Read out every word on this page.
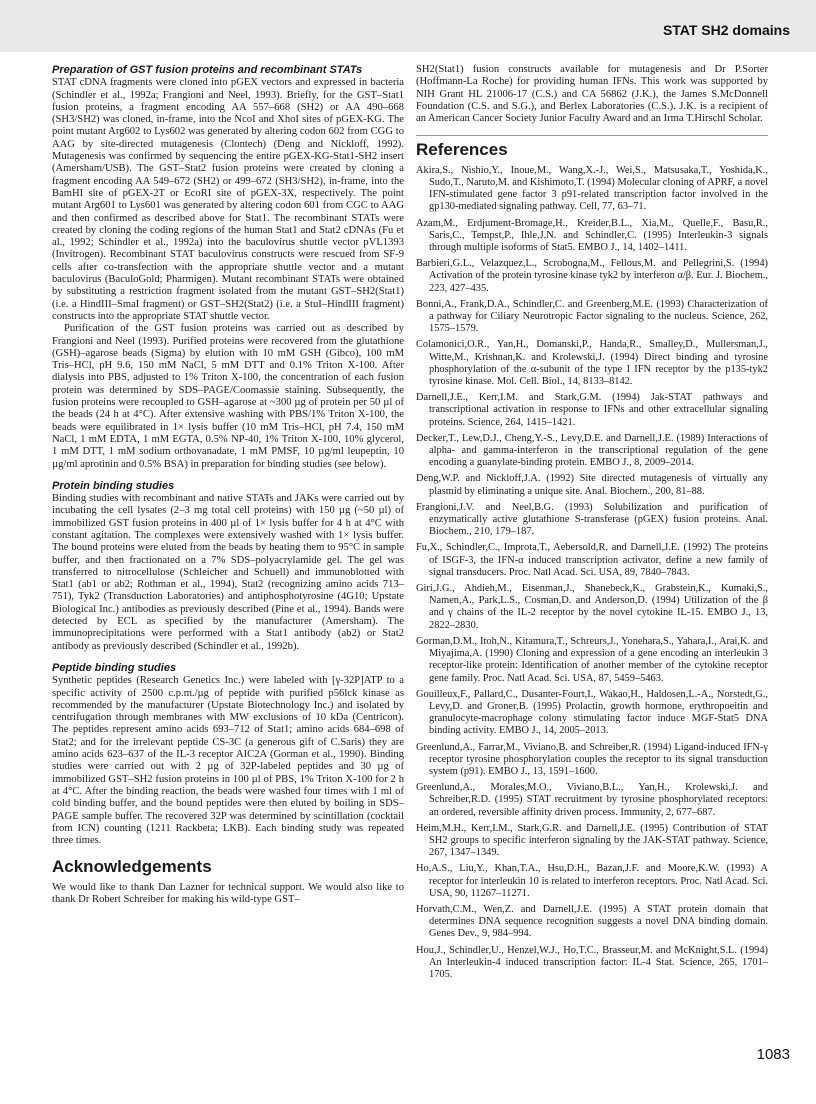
STAT SH2 domains
Preparation of GST fusion proteins and recombinant STATs

STAT cDNA fragments were cloned into pGEX vectors and expressed in bacteria (Schindler et al., 1992a; Frangioni and Neel, 1993). Briefly, for the GST–Stat1 fusion proteins, a fragment encoding AA 557–668 (SH2) or AA 490–668 (SH3/SH2) was cloned, in-frame, into the NcoI and XhoI sites of pGEX-KG. The point mutant Arg602 to Lys602 was generated by altering codon 602 from CGG to AAG by site-directed mutagenesis (Clontech) (Deng and Nickloff, 1992). Mutagenesis was confirmed by sequencing the entire pGEX-KG-Stat1-SH2 insert (Amersham/USB). The GST–Stat2 fusion proteins were created by cloning a fragment encoding AA 549–672 (SH2) or 499–672 (SH3/SH2), in-frame, into the BamHI site of pGEX-2T or EcoRI site of pGEX-3X, respectively. The point mutant Arg601 to Lys601 was generated by altering codon 601 from CGC to AAG and then confirmed as described above for Stat1. The recombinant STATs were created by cloning the coding regions of the human Stat1 and Stat2 cDNAs (Fu et al., 1992; Schindler et al., 1992a) into the baculovirus shuttle vector pVL1393 (Invitrogen). Recombinant STAT baculovirus constructs were rescued from SF-9 cells after co-transfection with the appropriate shuttle vector and a mutant baculovirus (BaculoGold; Pharmigen). Mutant recombinant STATs were obtained by substituting a restriction fragment isolated from the mutant GST–SH2(Stat1) (i.e. a HindIII–SmaI fragment) or GST–SH2(Stat2) (i.e. a StuI–HindIII fragment) constructs into the appropriate STAT shuttle vector.

Purification of the GST fusion proteins was carried out as described by Frangioni and Neel (1993). Purified proteins were recovered from the glutathione (GSH)–agarose beads (Sigma) by elution with 10 mM GSH (Gibco), 100 mM Tris–HCl, pH 9.6, 150 mM NaCl, 5 mM DTT and 0.1% Triton X-100. After dialysis into PBS, adjusted to 1% Triton X-100, the concentration of each fusion protein was determined by SDS–PAGE/Coomassie staining. Subsequently, the fusion proteins were recoupled to GSH–agarose at ~300 µg of protein per 50 µl of the beads (24 h at 4°C). After extensive washing with PBS/1% Triton X-100, the beads were equilibrated in 1× lysis buffer (10 mM Tris–HCl, pH 7.4, 150 mM NaCl, 1 mM EDTA, 1 mM EGTA, 0.5% NP-40, 1% Triton X-100, 10% glycerol, 1 mM DTT, 1 mM sodium orthovanadate, 1 mM PMSF, 10 µg/ml leupeptin, 10 µg/ml aprotinin and 0.5% BSA) in preparation for binding studies (see below).

Protein binding studies

Binding studies with recombinant and native STATs and JAKs were carried out by incubating the cell lysates (2–3 mg total cell proteins) with 150 µg (~50 µl) of immobilized GST fusion proteins in 400 µl of 1× lysis buffer for 4 h at 4°C with constant agitation. The complexes were extensively washed with 1× lysis buffer. The bound proteins were eluted from the beads by heating them to 95°C in sample buffer, and then fractionated on a 7% SDS–polyacrylamide gel. The gel was transferred to nitrocellulose (Schleicher and Schuell) and immunoblotted with Stat1 (ab1 or ab2; Rothman et al., 1994), Stat2 (recognizing amino acids 713–751), Tyk2 (Transduction Laboratories) and antiphosphotyrosine (4G10; Upstate Biological Inc.) antibodies as previously described (Pine et al., 1994). Bands were detected by ECL as specified by the manufacturer (Amersham). The immunoprecipitations were performed with a Stat1 antibody (ab2) or Stat2 antibody as previously described (Schindler et al., 1992b).

Peptide binding studies

Synthetic peptides (Research Genetics Inc.) were labeled with [γ-32P]ATP to a specific activity of 2500 c.p.m./µg of peptide with purified p56lck kinase as recommended by the manufacturer (Upstate Biotechnology Inc.) and isolated by centrifugation through membranes with MW exclusions of 10 kDa (Centricon). The peptides represent amino acids 693–712 of Stat1; amino acids 684–698 of Stat2; and for the irrelevant peptide CS-3C (a generous gift of C.Saris) they are amino acids 623–637 of the IL-3 receptor AIC2A (Gorman et al., 1990). Binding studies were carried out with 2 µg of 32P-labeled peptides and 30 µg of immobilized GST–SH2 fusion proteins in 100 µl of PBS, 1% Triton X-100 for 2 h at 4°C. After the binding reaction, the beads were washed four times with 1 ml of cold binding buffer, and the bound peptides were then eluted by boiling in SDS–PAGE sample buffer. The recovered 32P was determined by scintillation (cocktail from ICN) counting (1211 Rackbeta; LKB). Each binding study was repeated three times.

Acknowledgements

We would like to thank Dan Lazner for technical support. We would also like to thank Dr Robert Schreiber for making his wild-type GST–

SH2(Stat1) fusion constructs available for mutagenesis and Dr P.Sorter (Hoffmann-La Roche) for providing human IFNs. This work was supported by NIH Grant HL 21006-17 (C.S.) and CA 56862 (J.K.), the James S.McDonnell Foundation (C.S. and S.G.), and Berlex Laboratories (C.S.). J.K. is a recipient of an American Cancer Society Junior Faculty Award and an Irma T.Hirschl Scholar.

References

Akira,S., Nishio,Y., Inoue,M., Wang,X.-J., Wei,S., Matsusaka,T., Yoshida,K., Sudo,T., Naruto,M. and Kishimoto,T. (1994) Molecular cloning of APRF, a novel IFN-stimulated gene factor 3 p91-related transcription factor involved in the gp130-mediated signaling pathway. Cell, 77, 63–71.

Azam,M., Erdjument-Bromage,H., Kreider,B.L., Xia,M., Quelle,F., Basu,R., Saris,C., Tempst,P., Ihle,J.N. and Schindler,C. (1995) Interleukin-3 signals through multiple isoforms of Stat5. EMBO J., 14, 1402–1411.

Barbieri,G.L., Velazquez,L., Scrobogna,M., Fellous,M. and Pellegrini,S. (1994) Activation of the protein tyrosine kinase tyk2 by interferon α/β. Eur. J. Biochem., 223, 427–435.

Bonni,A., Frank,D.A., Schindler,C. and Greenberg,M.E. (1993) Characterization of a pathway for Ciliary Neurotropic Factor signaling to the nucleus. Science, 262, 1575–1579.

Colamonici,O.R., Yan,H., Domanski,P., Handa,R., Smalley,D., Mullersman,J., Witte,M., Krishnan,K. and Krolewski,J. (1994) Direct binding and tyrosine phosphorylation of the α-subunit of the type I IFN receptor by the p135-tyk2 tyrosine kinase. Mol. Cell. Biol., 14, 8133–8142.

Darnell,J.E., Kerr,I.M. and Stark,G.M. (1994) Jak-STAT pathways and transcriptional activation in response to IFNs and other extracellular signaling proteins. Science, 264, 1415–1421.

Decker,T., Lew,D.J., Cheng,Y.-S., Levy,D.E. and Darnell,J.E. (1989) Interactions of alpha- and gamma-interferon in the transcriptional regulation of the gene encoding a guanylate-binding protein. EMBO J., 8, 2009–2014.

Deng,W.P. and Nickloff,J.A. (1992) Site directed mutagenesis of virtually any plasmid by eliminating a unique site. Anal. Biochem., 200, 81–88.

Frangioni,J.V. and Neel,B.G. (1993) Solubilization and purification of enzymatically active glutathione S-transferase (pGEX) fusion proteins. Anal. Biochem., 210, 179–187.

Fu,X., Schindler,C., Improta,T., Aebersold,R. and Darnell,J.E. (1992) The proteins of ISGF-3, the IFN-α induced transcription activator, define a new family of signal transducers. Proc. Natl Acad. Sci. USA, 89, 7840–7843.

Giri,J.G., Ahdieh,M., Eisenman,J., Shanebeck,K., Grabstein,K., Kumaki,S., Namen,A., Park,L.S., Cosman,D. and Anderson,D. (1994) Utilization of the β and γ chains of the IL-2 receptor by the novel cytokine IL-15. EMBO J., 13, 2822–2830.

Gorman,D.M., Itoh,N., Kitamura,T., Schreurs,J., Yonehara,S., Yahara,I., Arai,K. and Miyajima,A. (1990) Cloning and expression of a gene encoding an interleukin 3 receptor-like protein: Identification of another member of the cytokine receptor gene family. Proc. Natl Acad. Sci. USA, 87, 5459–5463.

Gouilleux,F., Pallard,C., Dusanter-Fourt,I., Wakao,H., Haldosen,L.-A., Norstedt,G., Levy,D. and Groner,B. (1995) Prolactin, growth hormone, erythropoeitin and granulocyte-macrophage colony stimulating factor induce MGF-Stat5 DNA binding activity. EMBO J., 14, 2005–2013.

Greenlund,A., Farrar,M., Viviano,B. and Schreiber,R. (1994) Ligand-induced IFN-γ receptor tyrosine phosphorylation couples the receptor to its signal transduction system (p91). EMBO J., 13, 1591–1600.

Greenlund,A., Morales,M.O., Viviano,B.L., Yan,H., Krolewski,J. and Schreiber,R.D. (1995) STAT recruitment by tyrosine phosphorylated receptors: an ordered, reversible affinity driven process. Immunity, 2, 677–687.

Heim,M.H., Kerr,I.M., Stark,G.R. and Darnell,J.E. (1995) Contribution of STAT SH2 groups to specific interferon signaling by the JAK-STAT pathway. Science, 267, 1347–1349.

Ho,A.S., Liu,Y., Khan,T.A., Hsu,D.H., Bazan,J.F. and Moore,K.W. (1993) A receptor for interleukin 10 is related to interferon receptors. Proc. Natl Acad. Sci. USA, 90, 11267–11271.

Horvath,C.M., Wen,Z. and Darnell,J.E. (1995) A STAT protein domain that determines DNA sequence recognition suggests a novel DNA binding domain. Genes Dev., 9, 984–994.

Hou,J., Schindler,U., Henzel,W.J., Ho,T.C., Brasseur,M. and McKnight,S.L. (1994) An Interleukin-4 induced transcription factor: IL-4 Stat. Science, 265, 1701–1705.

1083
